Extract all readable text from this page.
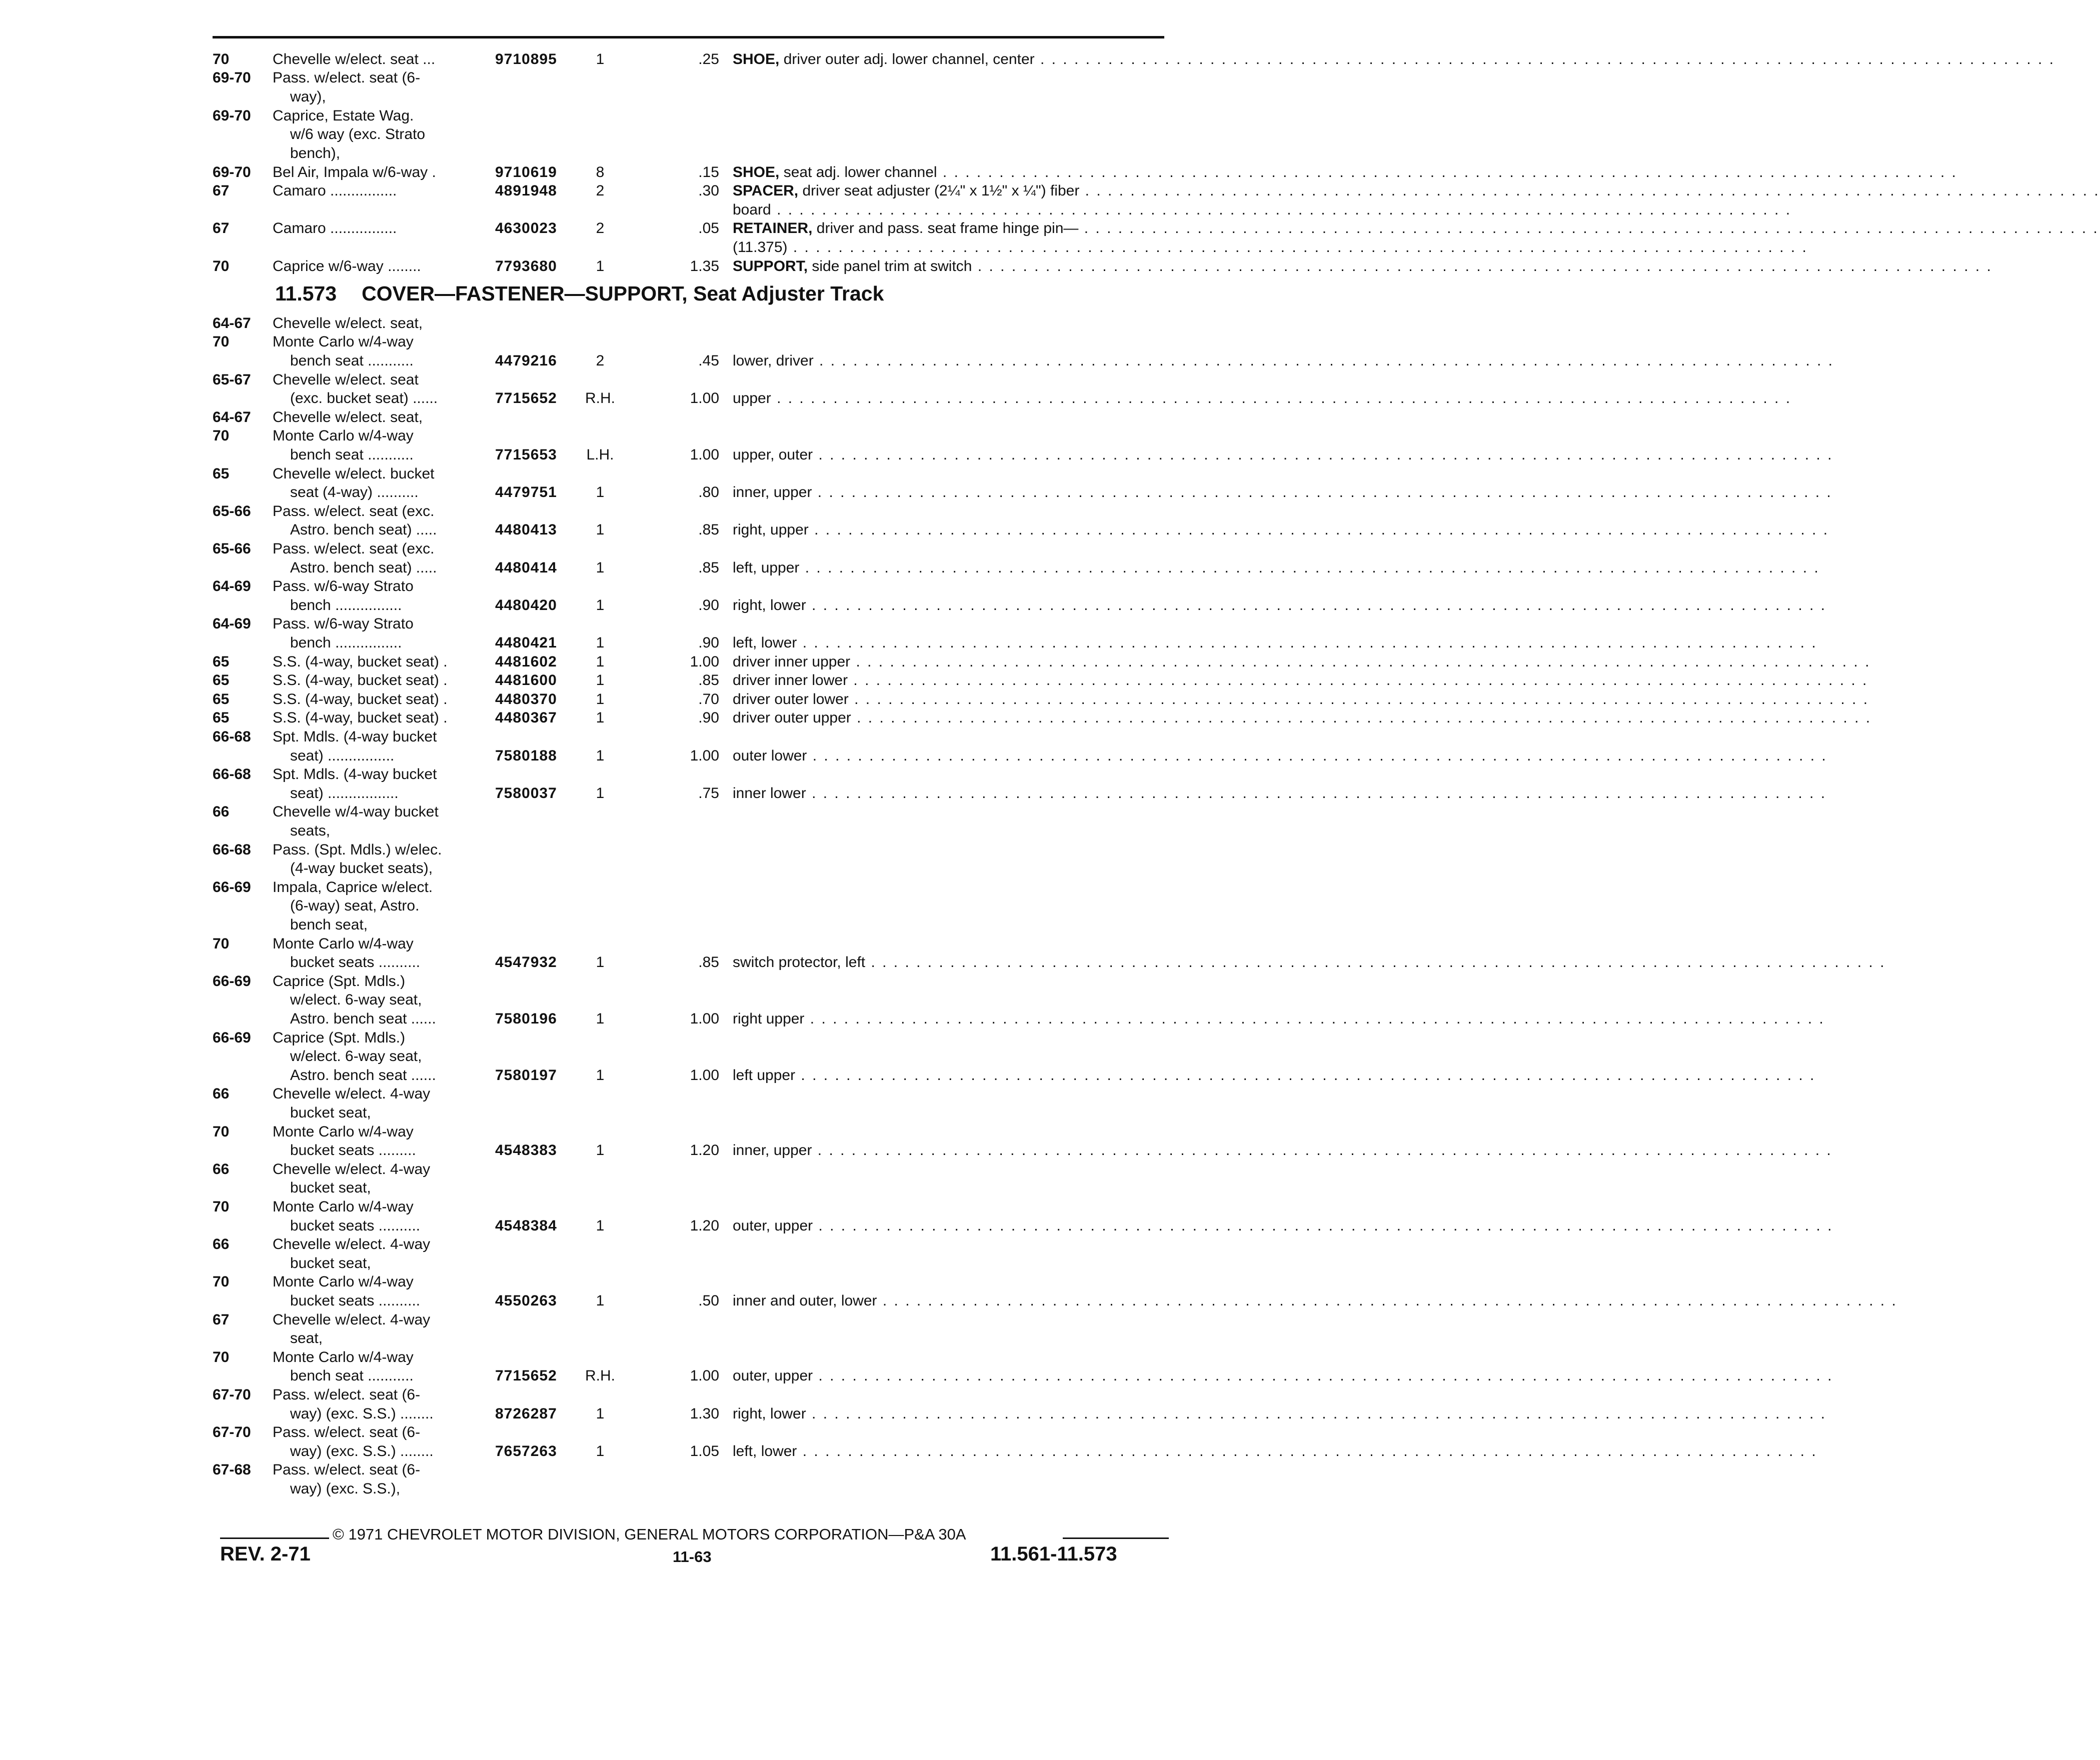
11.573 COVER—FASTENER—SUPPORT, Seat Adjuster Track
70	Chevelle w/elect. seat ...	9710895	1	.25 SHOE, driver outer adj. lower channel, center . . . . . . . . . . . . . . . . . . . . . . . . . . . . . . . . . . . . . . . . . . . . . . . . . . . . . . . . . . . . . . . . . . . . . . . . . . . . . . . . . . . . . . . . . .
69-70 Pass. w/elect. seat (6-
way),
69-70 Caprice, Estate Wag.
w/6 way (exc. Strato
bench),
69-70 Bel Air, Impala w/6-way .	9710619	8	.15 SHOE, seat adj. lower channel . . . . . . . . . . . . . . . . . . . . . . . . . . . . . . . . . . . . . . . . . . . . . . . . . . . . . . . . . . . . . . . . . . . . . . . . . . . . . . . . . . . . . . . . . .
67	Camaro ................	4891948	2	.30 SPACER, driver seat adjuster (2¼" x 1½" x ¼") fiber . . . . . . . . . . . . . . . . . . . . . . . . . . . . . . . . . . . . . . . . . . . . . . . . . . . . . . . . . . . . . . . . . . . . . . . . . . . . . . . . . . . . . . . . . .
board . . . . . . . . . . . . . . . . . . . . . . . . . . . . . . . . . . . . . . . . . . . . . . . . . . . . . . . . . . . . . . . . . . . . . . . . . . . . . . . . . . . . . . . . . .
67	Camaro ................	4630023	2	.05 RETAINER, driver and pass. seat frame hinge pin— . . . . . . . . . . . . . . . . . . . . . . . . . . . . . . . . . . . . . . . . . . . . . . . . . . . . . . . . . . . . . . . . . . . . . . . . . . . . . . . . . . . . . . . . . .
(11.375) . . . . . . . . . . . . . . . . . . . . . . . . . . . . . . . . . . . . . . . . . . . . . . . . . . . . . . . . . . . . . . . . . . . . . . . . . . . . . . . . . . . . . . . . . .
70	Caprice w/6-way ........	7793680	1	1.35 SUPPORT, side panel trim at switch . . . . . . . . . . . . . . . . . . . . . . . . . . . . . . . . . . . . . . . . . . . . . . . . . . . . . . . . . . . . . . . . . . . . . . . . . . . . . . . . . . . . . . . . . .
64-67 Chevelle w/elect. seat,
70	Monte Carlo w/4-way
bench seat ...........	4479216	2	.45 lower, driver . . . . . . . . . . . . . . . . . . . . . . . . . . . . . . . . . . . . . . . . . . . . . . . . . . . . . . . . . . . . . . . . . . . . . . . . . . . . . . . . . . . . . . . . . .
65-67 Chevelle w/elect. seat
(exc. bucket seat) ......	7715652	R.H.	1.00 upper . . . . . . . . . . . . . . . . . . . . . . . . . . . . . . . . . . . . . . . . . . . . . . . . . . . . . . . . . . . . . . . . . . . . . . . . . . . . . . . . . . . . . . . . . .
64-67 Chevelle w/elect. seat,
70	Monte Carlo w/4-way
bench seat ...........	7715653	L.H.	1.00 upper, outer . . . . . . . . . . . . . . . . . . . . . . . . . . . . . . . . . . . . . . . . . . . . . . . . . . . . . . . . . . . . . . . . . . . . . . . . . . . . . . . . . . . . . . . . . .
65	Chevelle w/elect. bucket
seat (4-way) ..........	4479751	1	.80 inner, upper . . . . . . . . . . . . . . . . . . . . . . . . . . . . . . . . . . . . . . . . . . . . . . . . . . . . . . . . . . . . . . . . . . . . . . . . . . . . . . . . . . . . . . . . . .
65-66 Pass. w/elect. seat (exc.
Astro. bench seat) .....	4480413	1	.85 right, upper . . . . . . . . . . . . . . . . . . . . . . . . . . . . . . . . . . . . . . . . . . . . . . . . . . . . . . . . . . . . . . . . . . . . . . . . . . . . . . . . . . . . . . . . . .
65-66 Pass. w/elect. seat (exc.
Astro. bench seat) .....	4480414	1	.85 left, upper . . . . . . . . . . . . . . . . . . . . . . . . . . . . . . . . . . . . . . . . . . . . . . . . . . . . . . . . . . . . . . . . . . . . . . . . . . . . . . . . . . . . . . . . . .
64-69 Pass. w/6-way Strato
bench ................	4480420	1	.90 right, lower . . . . . . . . . . . . . . . . . . . . . . . . . . . . . . . . . . . . . . . . . . . . . . . . . . . . . . . . . . . . . . . . . . . . . . . . . . . . . . . . . . . . . . . . . .
64-69 Pass. w/6-way Strato
bench ................	4480421	1	.90 left, lower . . . . . . . . . . . . . . . . . . . . . . . . . . . . . . . . . . . . . . . . . . . . . . . . . . . . . . . . . . . . . . . . . . . . . . . . . . . . . . . . . . . . . . . . . .
65	S.S. (4-way, bucket seat) .	4481602	1	1.00 driver inner upper . . . . . . . . . . . . . . . . . . . . . . . . . . . . . . . . . . . . . . . . . . . . . . . . . . . . . . . . . . . . . . . . . . . . . . . . . . . . . . . . . . . . . . . . . .
65	S.S. (4-way, bucket seat) .	4481600	1	.85 driver inner lower . . . . . . . . . . . . . . . . . . . . . . . . . . . . . . . . . . . . . . . . . . . . . . . . . . . . . . . . . . . . . . . . . . . . . . . . . . . . . . . . . . . . . . . . . .
65	S.S. (4-way, bucket seat) .	4480370	1	.70 driver outer lower . . . . . . . . . . . . . . . . . . . . . . . . . . . . . . . . . . . . . . . . . . . . . . . . . . . . . . . . . . . . . . . . . . . . . . . . . . . . . . . . . . . . . . . . . .
65	S.S. (4-way, bucket seat) .	4480367	1	.90 driver outer upper . . . . . . . . . . . . . . . . . . . . . . . . . . . . . . . . . . . . . . . . . . . . . . . . . . . . . . . . . . . . . . . . . . . . . . . . . . . . . . . . . . . . . . . . . .
66-68 Spt. Mdls. (4-way bucket
seat) ................	7580188	1	1.00 outer lower . . . . . . . . . . . . . . . . . . . . . . . . . . . . . . . . . . . . . . . . . . . . . . . . . . . . . . . . . . . . . . . . . . . . . . . . . . . . . . . . . . . . . . . . . .
66-68 Spt. Mdls. (4-way bucket
seat) .................	7580037	1	.75 inner lower . . . . . . . . . . . . . . . . . . . . . . . . . . . . . . . . . . . . . . . . . . . . . . . . . . . . . . . . . . . . . . . . . . . . . . . . . . . . . . . . . . . . . . . . . .
66	Chevelle w/4-way bucket
seats,
66-68 Pass. (Spt. Mdls.) w/elec.
(4-way bucket seats),
66-69 Impala, Caprice w/elect.
(6-way) seat, Astro.
bench seat,
70	Monte Carlo w/4-way
bucket seats ..........	4547932	1	.85 switch protector, left . . . . . . . . . . . . . . . . . . . . . . . . . . . . . . . . . . . . . . . . . . . . . . . . . . . . . . . . . . . . . . . . . . . . . . . . . . . . . . . . . . . . . . . . . .
66-69 Caprice (Spt. Mdls.)
w/elect. 6-way seat,
Astro. bench seat ......	7580196	1	1.00 right upper . . . . . . . . . . . . . . . . . . . . . . . . . . . . . . . . . . . . . . . . . . . . . . . . . . . . . . . . . . . . . . . . . . . . . . . . . . . . . . . . . . . . . . . . . .
66-69 Caprice (Spt. Mdls.)
w/elect. 6-way seat,
Astro. bench seat ......	7580197	1	1.00 left upper . . . . . . . . . . . . . . . . . . . . . . . . . . . . . . . . . . . . . . . . . . . . . . . . . . . . . . . . . . . . . . . . . . . . . . . . . . . . . . . . . . . . . . . . . .
66	Chevelle w/elect. 4-way
bucket seat,
70	Monte Carlo w/4-way
bucket seats .........	4548383	1	1.20 inner, upper . . . . . . . . . . . . . . . . . . . . . . . . . . . . . . . . . . . . . . . . . . . . . . . . . . . . . . . . . . . . . . . . . . . . . . . . . . . . . . . . . . . . . . . . . .
66	Chevelle w/elect. 4-way
bucket seat,
70	Monte Carlo w/4-way
bucket seats ..........	4548384	1	1.20 outer, upper . . . . . . . . . . . . . . . . . . . . . . . . . . . . . . . . . . . . . . . . . . . . . . . . . . . . . . . . . . . . . . . . . . . . . . . . . . . . . . . . . . . . . . . . . .
66	Chevelle w/elect. 4-way
bucket seat,
70	Monte Carlo w/4-way
bucket seats ..........	4550263	1	.50 inner and outer, lower . . . . . . . . . . . . . . . . . . . . . . . . . . . . . . . . . . . . . . . . . . . . . . . . . . . . . . . . . . . . . . . . . . . . . . . . . . . . . . . . . . . . . . . . . .
67	Chevelle w/elect. 4-way
seat,
70	Monte Carlo w/4-way
bench seat ...........	7715652	R.H.	1.00 outer, upper . . . . . . . . . . . . . . . . . . . . . . . . . . . . . . . . . . . . . . . . . . . . . . . . . . . . . . . . . . . . . . . . . . . . . . . . . . . . . . . . . . . . . . . . . .
67-70 Pass. w/elect. seat (6-
way) (exc. S.S.) ........	8726287	1	1.30 right, lower . . . . . . . . . . . . . . . . . . . . . . . . . . . . . . . . . . . . . . . . . . . . . . . . . . . . . . . . . . . . . . . . . . . . . . . . . . . . . . . . . . . . . . . . . .
67-70 Pass. w/elect. seat (6-
way) (exc. S.S.) ........	7657263	1	1.05 left, lower . . . . . . . . . . . . . . . . . . . . . . . . . . . . . . . . . . . . . . . . . . . . . . . . . . . . . . . . . . . . . . . . . . . . . . . . . . . . . . . . . . . . . . . . . .
67-68 Pass. w/elect. seat (6-
way) (exc. S.S.),
© 1971 CHEVROLET MOTOR DIVISION, GENERAL MOTORS CORPORATION—P&A 30A
REV. 2-71	11-63	11.561-11.573
